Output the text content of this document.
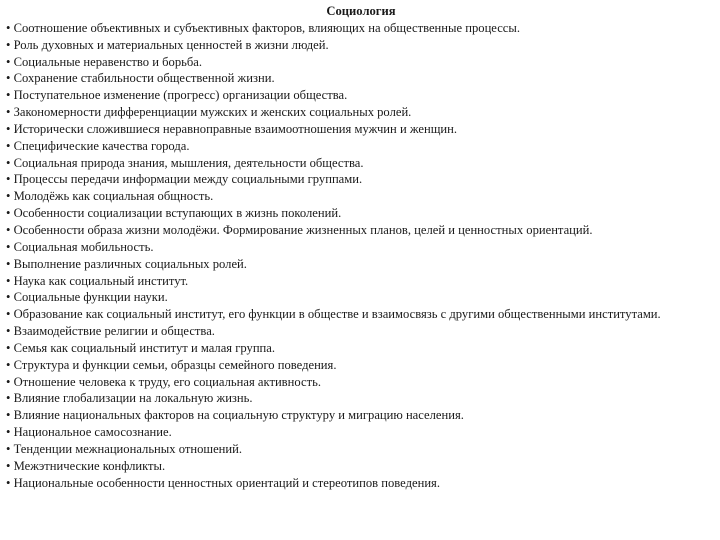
Социология
• Соотношение объективных и субъективных факторов, влияющих на общественные процессы.
• Роль духовных и материальных ценностей в жизни людей.
• Социальные неравенство и борьба.
• Сохранение стабильности общественной жизни.
• Поступательное изменение (прогресс) организации общества.
• Закономерности дифференциации мужских и женских социальных ролей.
• Исторически сложившиеся неравноправные взаимоотношения мужчин и женщин.
• Специфические качества города.
• Социальная природа знания, мышления, деятельности общества.
• Процессы передачи информации между социальными группами.
• Молодёжь как социальная общность.
• Особенности социализации вступающих в жизнь поколений.
• Особенности образа жизни молодёжи. Формирование жизненных планов, целей и ценностных ориентаций.
• Социальная мобильность.
• Выполнение различных социальных ролей.
• Наука как социальный институт.
• Социальные функции науки.
• Образование как социальный институт, его функции в обществе и взаимосвязь с другими общественными институтами.
• Взаимодействие религии и общества.
• Семья как социальный институт и малая группа.
• Структура и функции семьи, образцы семейного поведения.
• Отношение человека к труду, его социальная активность.
• Влияние глобализации на локальную жизнь.
• Влияние национальных факторов на социальную структуру и миграцию населения.
• Национальное самосознание.
• Тенденции межнациональных отношений.
• Межэтнические конфликты.
• Национальные особенности ценностных ориентаций и стереотипов поведения.
